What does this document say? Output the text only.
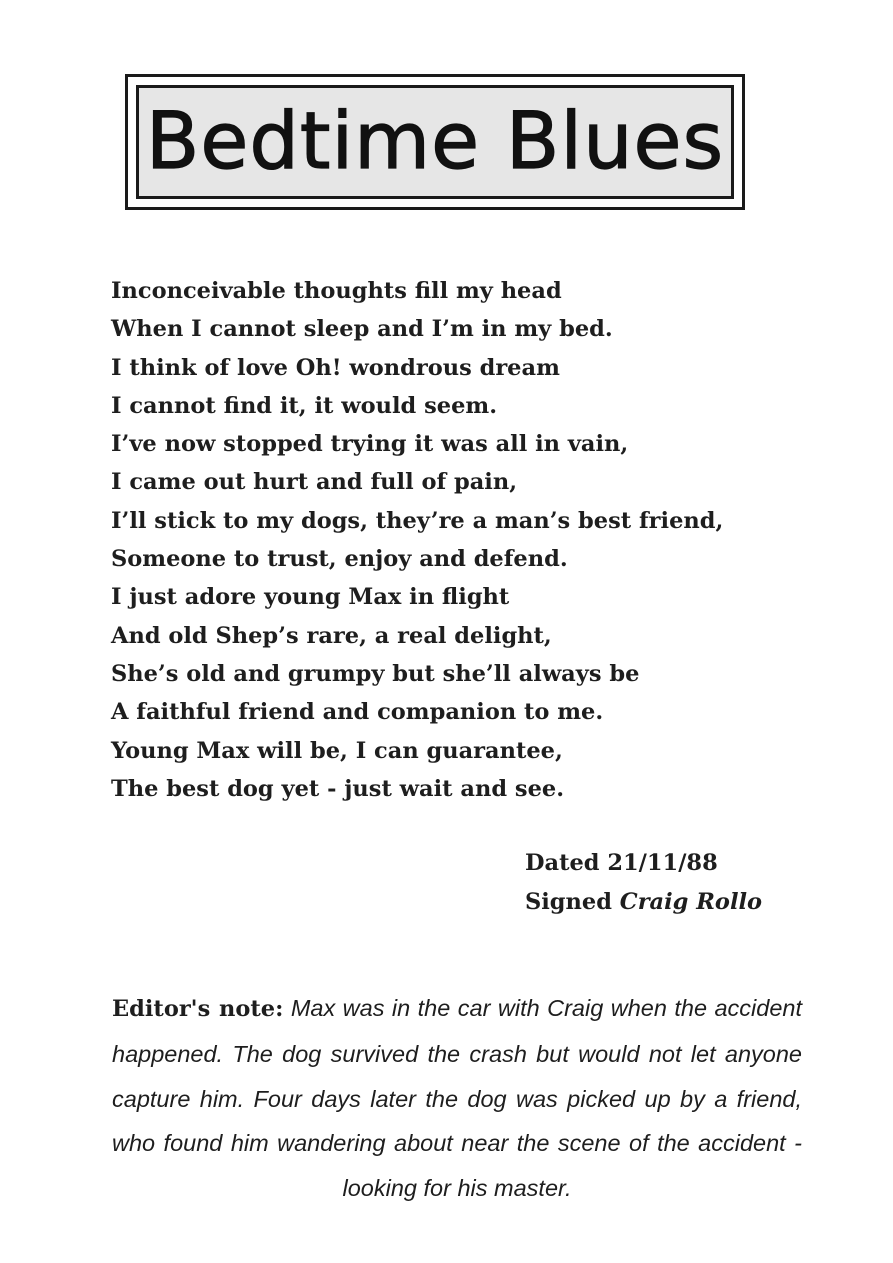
Bedtime Blues
Inconceivable thoughts fill my head
When I cannot sleep and I’m in my bed.
I think of love Oh! wondrous dream
I cannot find it, it would seem.
I’ve now stopped trying it was all in vain,
I came out hurt and full of pain,
I’ll stick to my dogs, they’re a man’s best friend,
Someone to trust, enjoy and defend.
I just adore young Max in flight
And old Shep’s rare, a real delight,
She’s old and grumpy but she’ll always be
A faithful friend and companion to me.
Young Max will be, I can guarantee,
The best dog yet - just wait and see.
Dated 21/11/88
Signed Craig Rollo
Editor's note: Max was in the car with Craig when the accident happened. The dog survived the crash but would not let anyone capture him. Four days later the dog was picked up by a friend, who found him wandering about near the scene of the accident - looking for his master.
